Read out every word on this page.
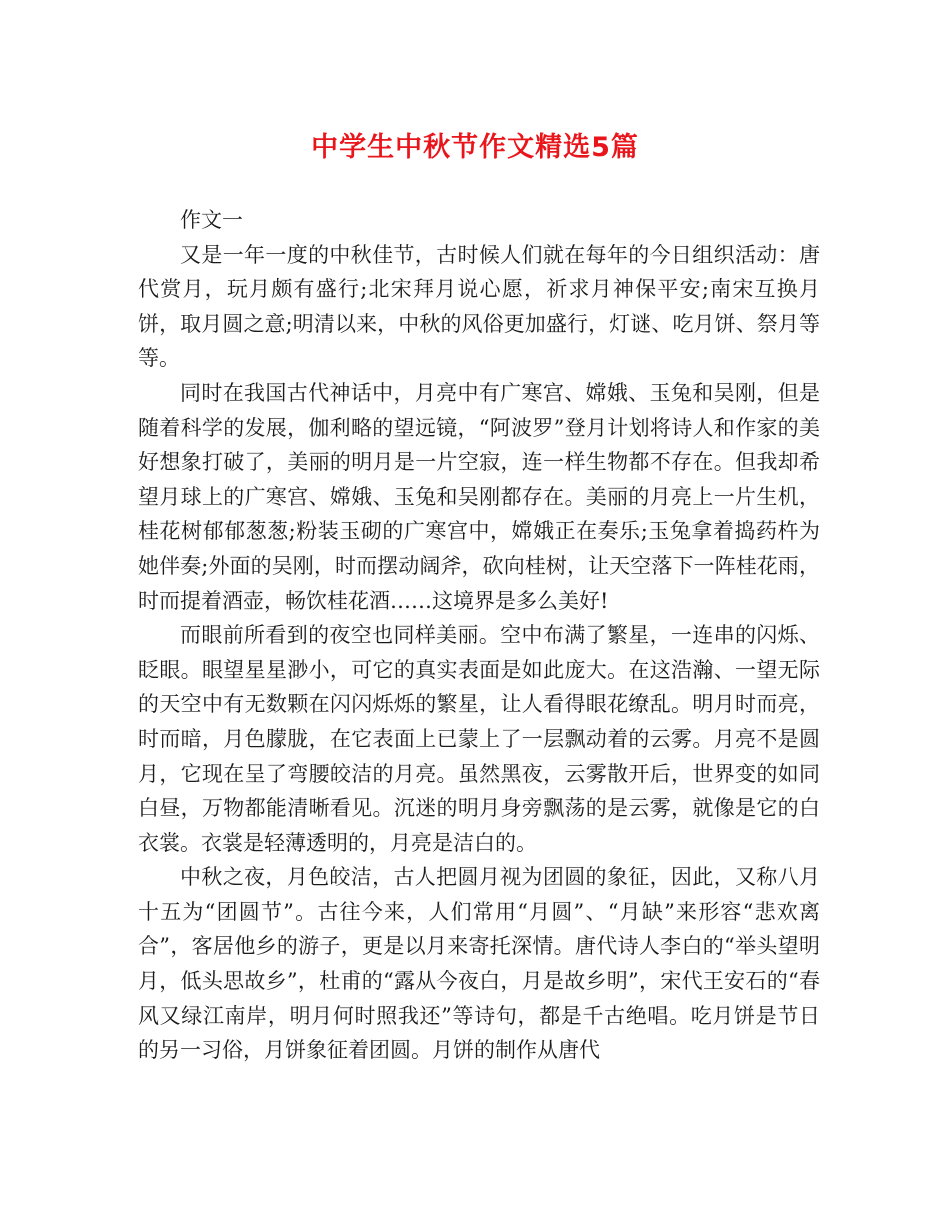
中学生中秋节作文精选5篇

作文一

又是一年一度的中秋佳节，古时候人们就在每年的今日组织活动：唐代赏月，玩月颇有盛行;北宋拜月说心愿，祈求月神保平安;南宋互换月饼，取月圆之意;明清以来，中秋的风俗更加盛行，灯谜、吃月饼、祭月等等。

同时在我国古代神话中，月亮中有广寒宫、嫦娥、玉兔和吴刚，但是随着科学的发展，伽利略的望远镜，“阿波罗”登月计划将诗人和作家的美好想象打破了，美丽的明月是一片空寂，连一样生物都不存在。但我却希望月球上的广寒宫、嫦娥、玉兔和吴刚都存在。美丽的月亮上一片生机，桂花树郁郁葱葱;粉装玉砌的广寒宫中，嫦娥正在奏乐;玉兔拿着捣药杵为她伴奏;外面的吴刚，时而摆动阔斧，砍向桂树，让天空落下一阵桂花雨，时而提着酒壶，畅饮桂花酒……这境界是多么美好!

而眼前所看到的夜空也同样美丽。空中布满了繁星，一连串的闪烁、眨眼。眼望星星渺小，可它的真实表面是如此庞大。在这浩瀚、一望无际的天空中有无数颗在闪闪烁烁的繁星，让人看得眼花缭乱。明月时而亮，时而暗，月色朦胧，在它表面上已蒙上了一层飘动着的云雾。月亮不是圆月，它现在呈了弯腰皎洁的月亮。虽然黑夜，云雾散开后，世界变的如同白昼，万物都能清晰看见。沉迷的明月身旁飘荡的是云雾，就像是它的白衣裳。衣裳是轻薄透明的，月亮是洁白的。

中秋之夜，月色皎洁，古人把圆月视为团圆的象征，因此，又称八月十五为“团圆节”。古往今来，人们常用“月圆”、“月缺”来形容“悲欢离合”，客居他乡的游子，更是以月来寄托深情。唐代诗人李白的“举头望明月，低头思故乡”，杜甫的“露从今夜白，月是故乡明”，宋代王安石的“春风又绿江南岸，明月何时照我还”等诗句，都是千古绝唱。吃月饼是节日的另一习俗，月饼象征着团圆。月饼的制作从唐代
